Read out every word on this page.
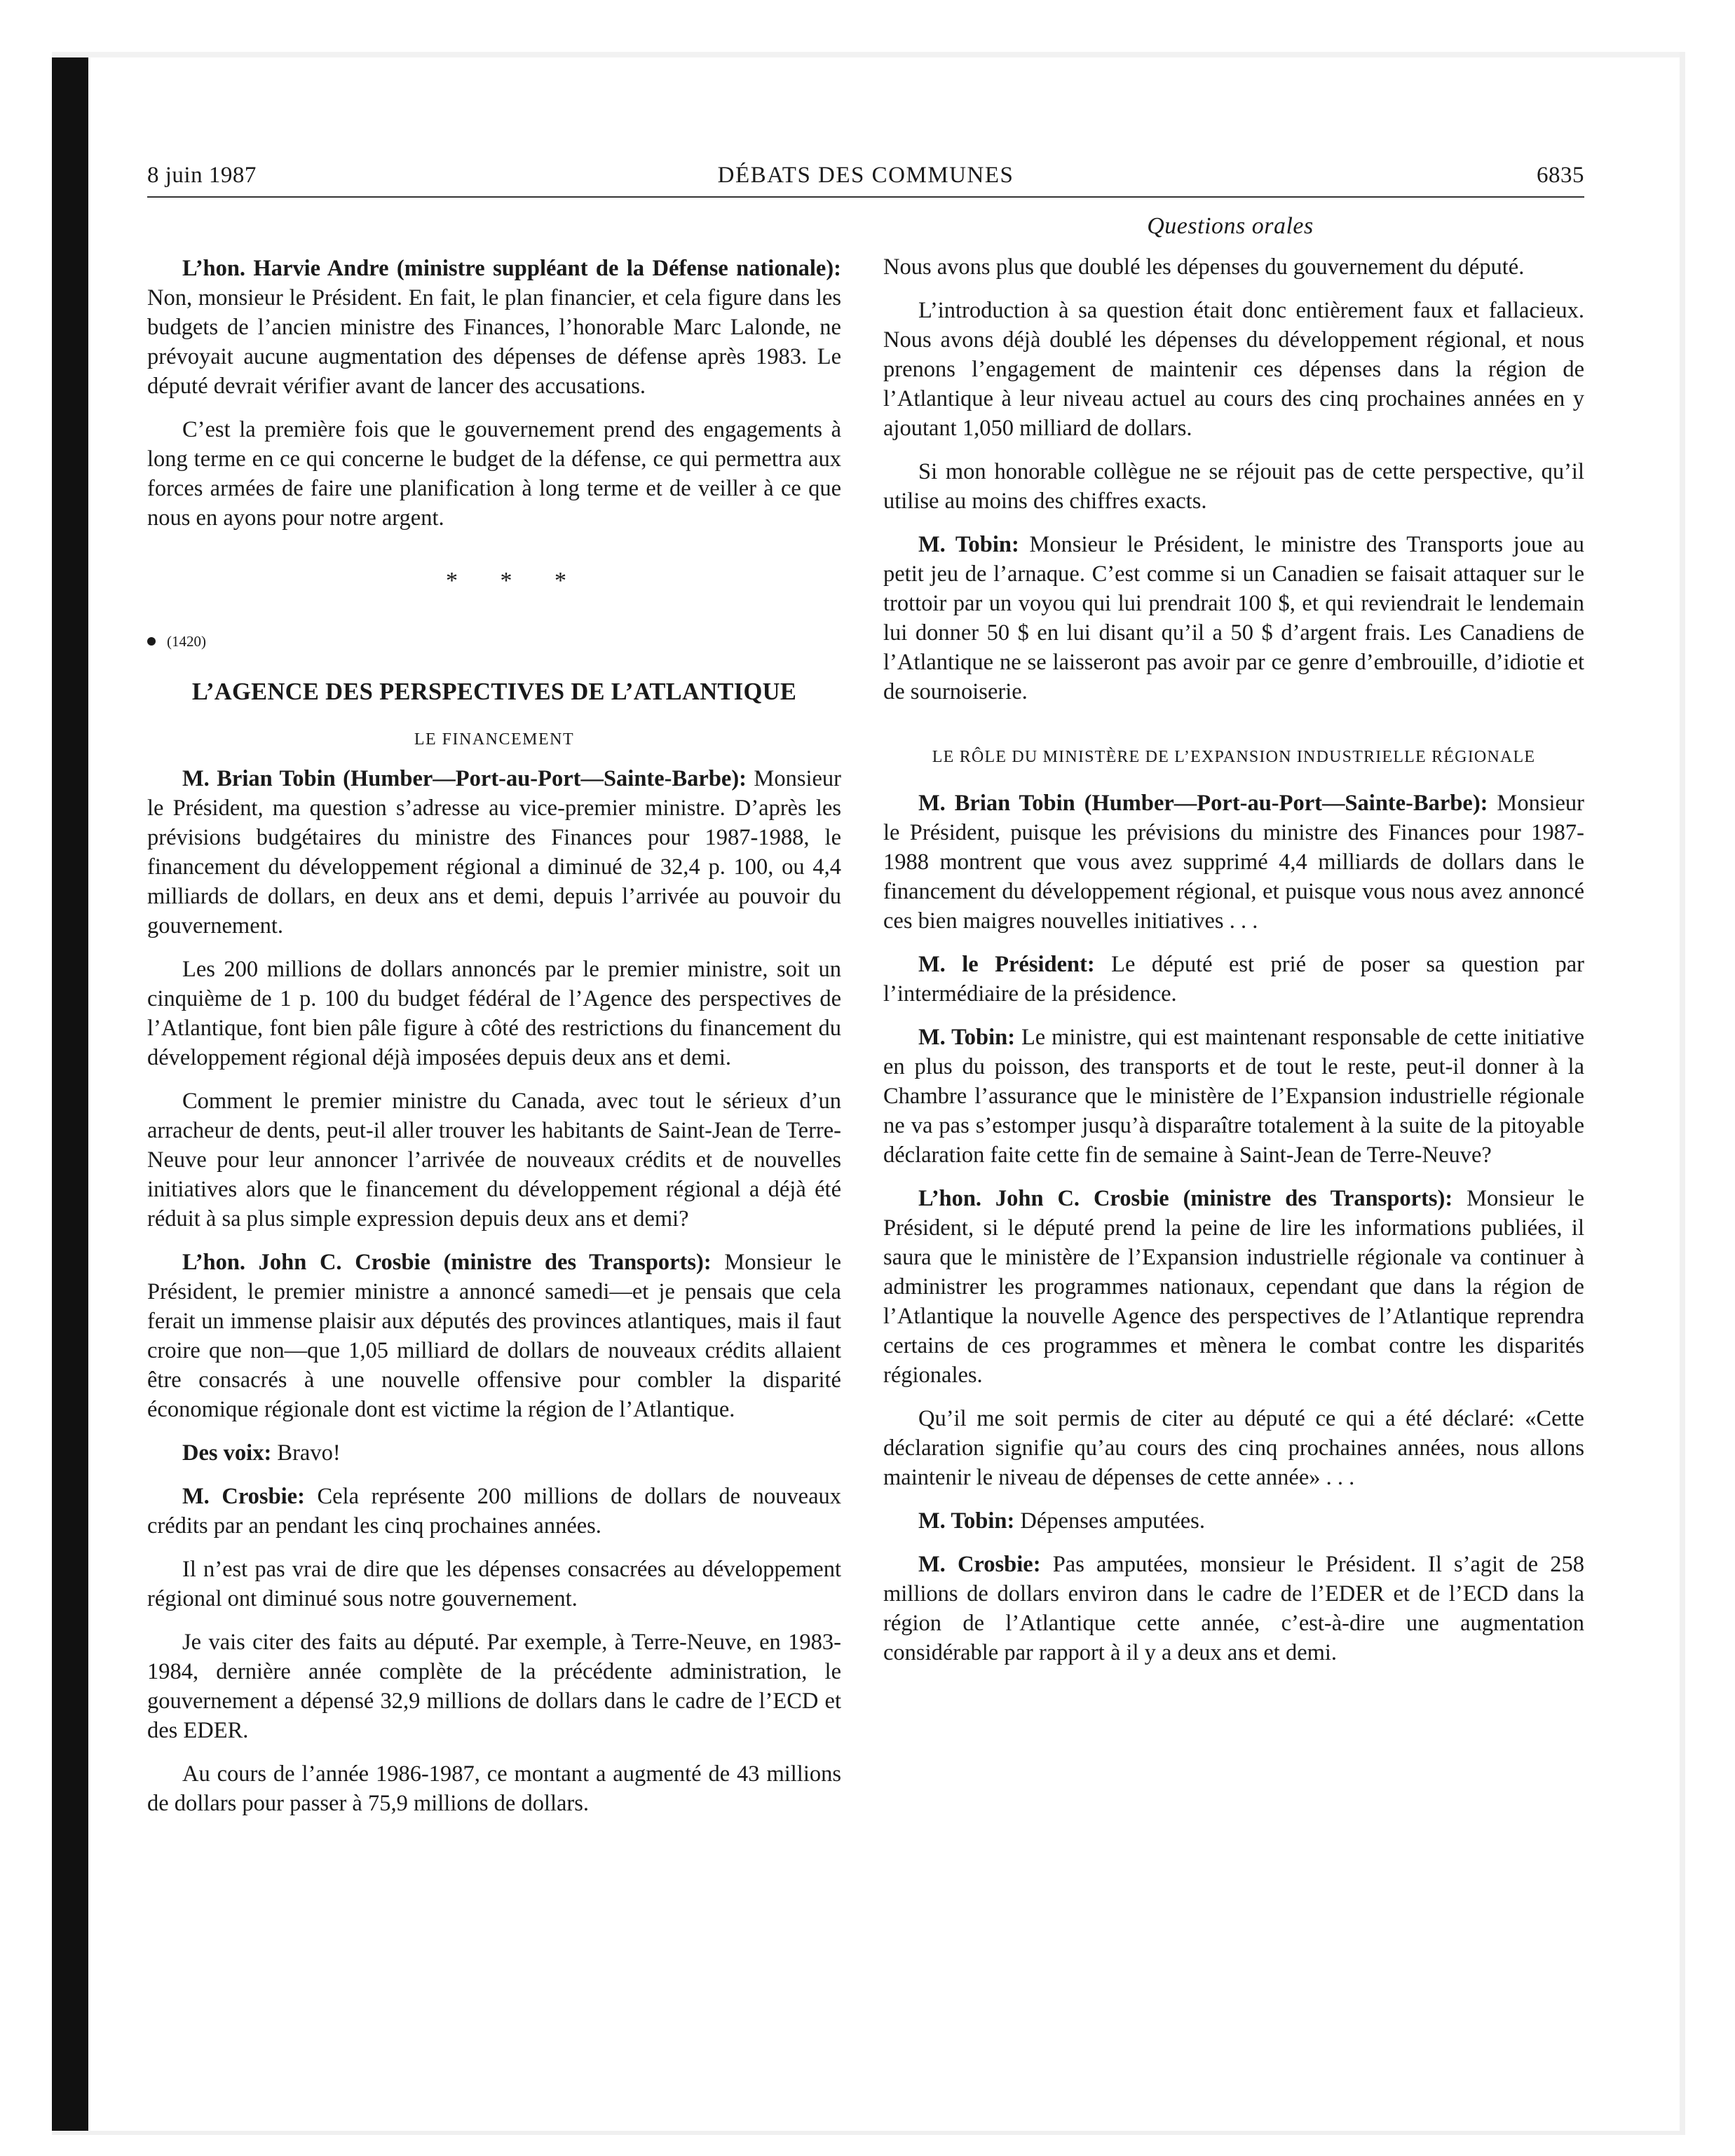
8 juin 1987	DÉBATS DES COMMUNES	6835
Questions orales

L’hon. Harvie Andre (ministre suppléant de la Défense nationale): Non, monsieur le Président. En fait, le plan financier, et cela figure dans les budgets de l’ancien ministre des Finances, l’honorable Marc Lalonde, ne prévoyait aucune augmentation des dépenses de défense après 1983. Le député devrait vérifier avant de lancer des accusations.

C’est la première fois que le gouvernement prend des engagements à long terme en ce qui concerne le budget de la défense, ce qui permettra aux forces armées de faire une planification à long terme et de veiller à ce que nous en ayons pour notre argent.

* * *
(1420)
L’AGENCE DES PERSPECTIVES DE L’ATLANTIQUE
LE FINANCEMENT

M. Brian Tobin (Humber—Port-au-Port—Sainte-Barbe): Monsieur le Président, ma question s’adresse au vice-premier ministre. D’après les prévisions budgétaires du ministre des Finances pour 1987-1988, le financement du développement régional a diminué de 32,4 p. 100, ou 4,4 milliards de dollars, en deux ans et demi, depuis l’arrivée au pouvoir du gouvernement.

Les 200 millions de dollars annoncés par le premier ministre, soit un cinquième de 1 p. 100 du budget fédéral de l’Agence des perspectives de l’Atlantique, font bien pâle figure à côté des restrictions du financement du développement régional déjà imposées depuis deux ans et demi.

Comment le premier ministre du Canada, avec tout le sérieux d’un arracheur de dents, peut-il aller trouver les habitants de Saint-Jean de Terre-Neuve pour leur annoncer l’arrivée de nouveaux crédits et de nouvelles initiatives alors que le financement du développement régional a déjà été réduit à sa plus simple expression depuis deux ans et demi?

L’hon. John C. Crosbie (ministre des Transports): Monsieur le Président, le premier ministre a annoncé samedi—et je pensais que cela ferait un immense plaisir aux députés des provinces atlantiques, mais il faut croire que non—que 1,05 milliard de dollars de nouveaux crédits allaient être consacrés à une nouvelle offensive pour combler la disparité économique régionale dont est victime la région de l’Atlantique.

Des voix: Bravo!

M. Crosbie: Cela représente 200 millions de dollars de nouveaux crédits par an pendant les cinq prochaines années.

Il n’est pas vrai de dire que les dépenses consacrées au développement régional ont diminué sous notre gouvernement.

Je vais citer des faits au député. Par exemple, à Terre-Neuve, en 1983-1984, dernière année complète de la précédente administration, le gouvernement a dépensé 32,9 millions de dollars dans le cadre de l’ECD et des EDER.

Au cours de l’année 1986-1987, ce montant a augmenté de 43 millions de dollars pour passer à 75,9 millions de dollars.

Nous avons plus que doublé les dépenses du gouvernement du député.

L’introduction à sa question était donc entièrement faux et fallacieux. Nous avons déjà doublé les dépenses du développement régional, et nous prenons l’engagement de maintenir ces dépenses dans la région de l’Atlantique à leur niveau actuel au cours des cinq prochaines années en y ajoutant 1,050 milliard de dollars.

Si mon honorable collègue ne se réjouit pas de cette perspective, qu’il utilise au moins des chiffres exacts.

M. Tobin: Monsieur le Président, le ministre des Transports joue au petit jeu de l’arnaque. C’est comme si un Canadien se faisait attaquer sur le trottoir par un voyou qui lui prendrait 100 $, et qui reviendrait le lendemain lui donner 50 $ en lui disant qu’il a 50 $ d’argent frais. Les Canadiens de l’Atlantique ne se laisseront pas avoir par ce genre d’embrouille, d’idiotie et de sournoiserie.

LE RÔLE DU MINISTÈRE DE L’EXPANSION INDUSTRIELLE RÉGIONALE

M. Brian Tobin (Humber—Port-au-Port—Sainte-Barbe): Monsieur le Président, puisque les prévisions du ministre des Finances pour 1987-1988 montrent que vous avez supprimé 4,4 milliards de dollars dans le financement du développement régional, et puisque vous nous avez annoncé ces bien maigres nouvelles initiatives . . .

M. le Président: Le député est prié de poser sa question par l’intermédiaire de la présidence.

M. Tobin: Le ministre, qui est maintenant responsable de cette initiative en plus du poisson, des transports et de tout le reste, peut-il donner à la Chambre l’assurance que le ministère de l’Expansion industrielle régionale ne va pas s’estomper jusqu’à disparaître totalement à la suite de la pitoyable déclaration faite cette fin de semaine à Saint-Jean de Terre-Neuve?

L’hon. John C. Crosbie (ministre des Transports): Monsieur le Président, si le député prend la peine de lire les informations publiées, il saura que le ministère de l’Expansion industrielle régionale va continuer à administrer les programmes nationaux, cependant que dans la région de l’Atlantique la nouvelle Agence des perspectives de l’Atlantique reprendra certains de ces programmes et mènera le combat contre les disparités régionales.

Qu’il me soit permis de citer au député ce qui a été déclaré: «Cette déclaration signifie qu’au cours des cinq prochaines années, nous allons maintenir le niveau de dépenses de cette année» . . .

M. Tobin: Dépenses amputées.

M. Crosbie: Pas amputées, monsieur le Président. Il s’agit de 258 millions de dollars environ dans le cadre de l’EDER et de l’ECD dans la région de l’Atlantique cette année, c’est-à-dire une augmentation considérable par rapport à il y a deux ans et demi.
